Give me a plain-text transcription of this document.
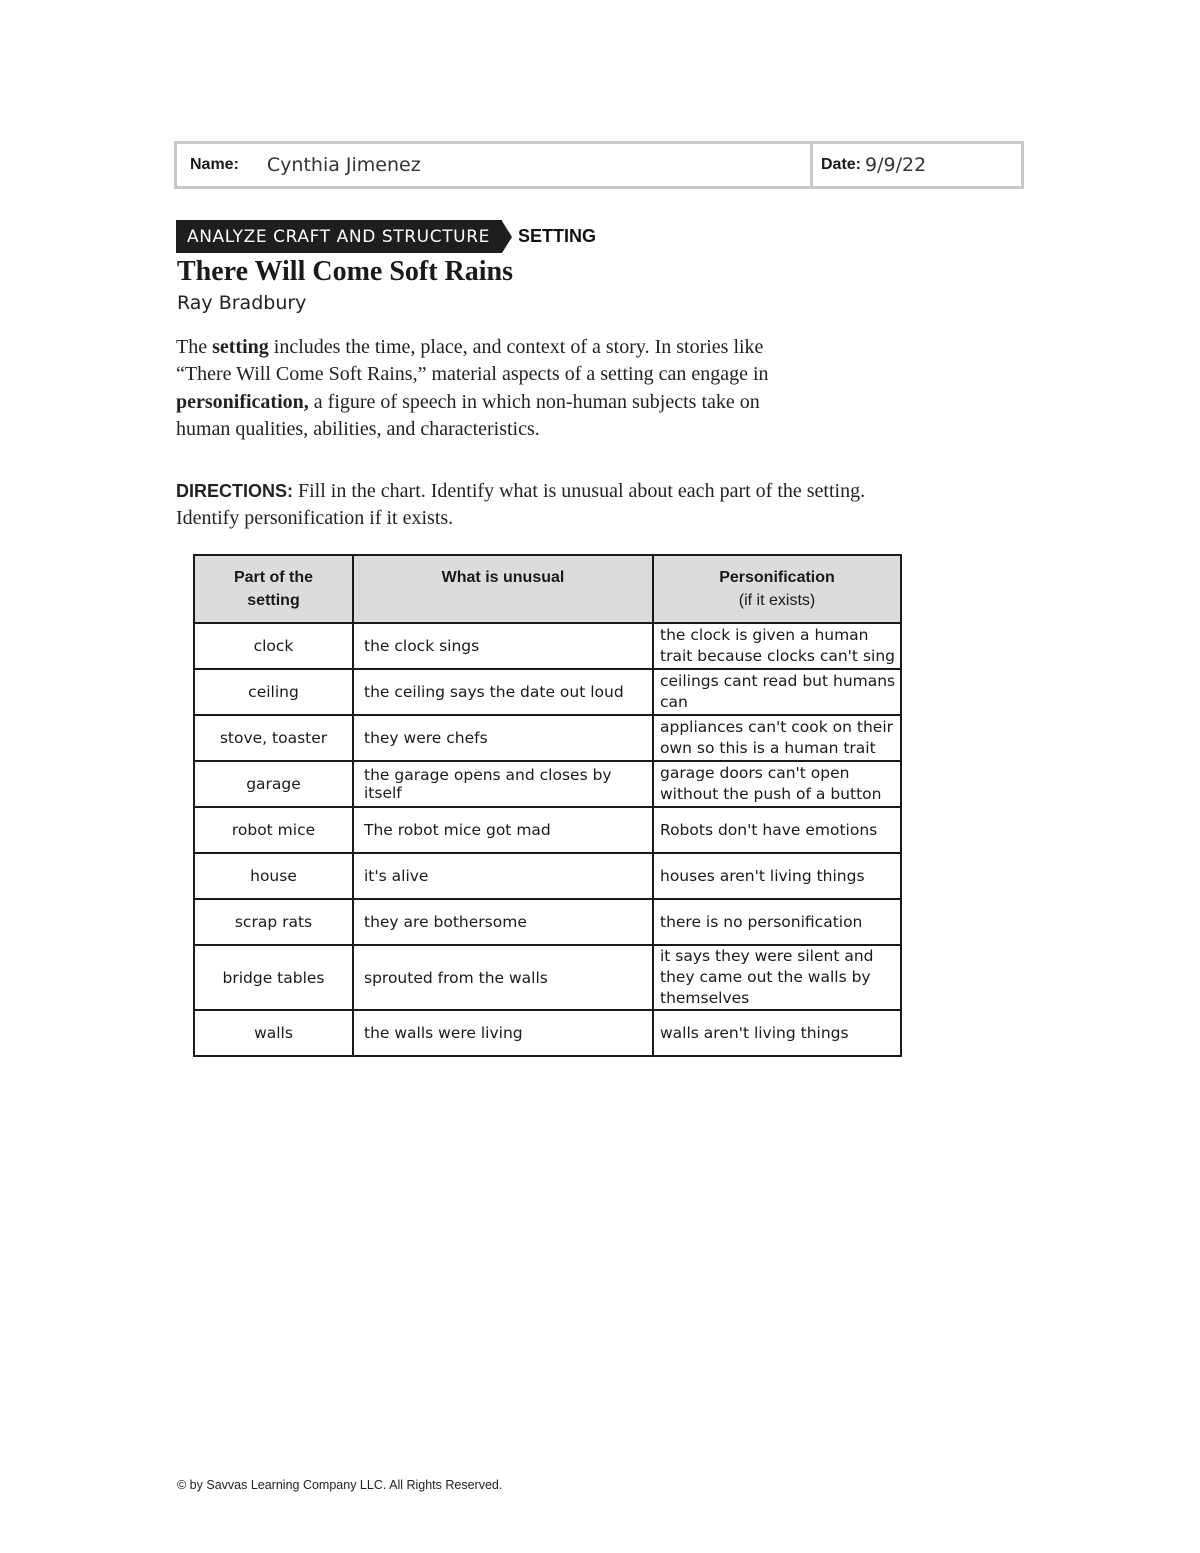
Name: Cynthia Jimenez	Date: 9/9/22
ANALYZE CRAFT AND STRUCTURE	SETTING
There Will Come Soft Rains
Ray Bradbury
The setting includes the time, place, and context of a story. In stories like
“There Will Come Soft Rains,” material aspects of a setting can engage in
personification, a figure of speech in which non-human subjects take on
human qualities, abilities, and characteristics.
DIRECTIONS: Fill in the chart. Identify what is unusual about each part of the setting.
Identify personification if it exists.
Part of the setting	What is unusual	Personification
(if it exists)

clock	the clock sings	the clock is given a human trait because clocks can't sing
ceiling	the ceiling says the date out loud	ceilings cant read but humans can
stove, toaster	they were chefs	appliances can't cook on their own so this is a human trait
garage	the garage opens and closes by itself	garage doors can't open without the push of a button
robot mice	The robot mice got mad	Robots don't have emotions
house	it's alive	houses aren't living things
scrap rats	they are bothersome	there is no personification
bridge tables	sprouted from the walls	it says they were silent and they came out the walls by themselves
walls	the walls were living	walls aren't living things
© by Savvas Learning Company LLC. All Rights Reserved.
